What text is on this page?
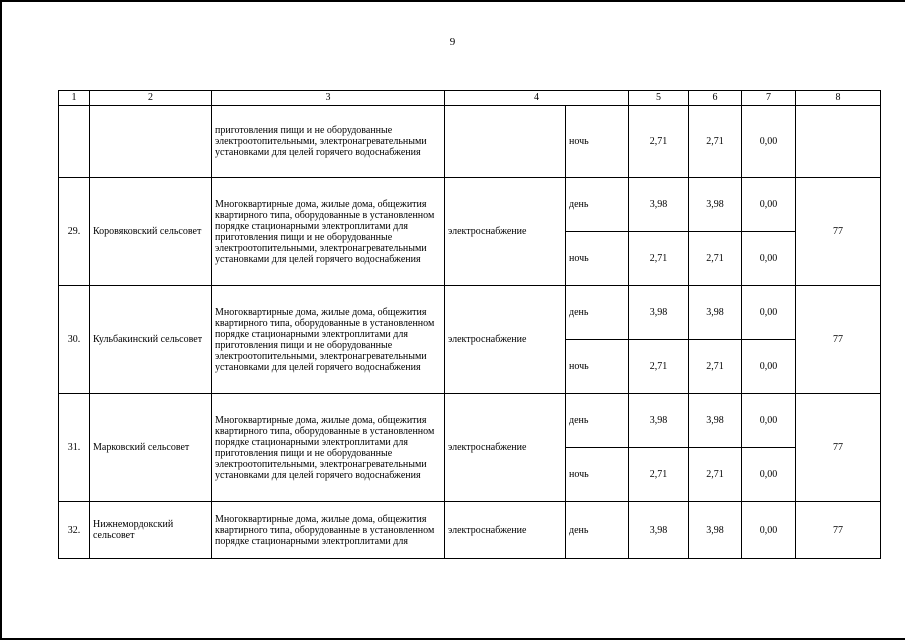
9
1	2	3	4		5	6	7	8
		приготовления пищи и не оборудованные электроотопительными, электронагревательными установками для целей горячего водоснабжения		ночь	2,71	2,71	0,00	
29.	Коровяковский сельсовет	Многоквартирные дома, жилые дома, общежития квартирного типа, оборудованные в установленном порядке стационарными электроплитами для приготовления пищи и не оборудованные электроотопительными, электронагревательными установками для целей горячего водоснабжения	электроснабжение	день	3,98	3,98	0,00	77
				ночь	2,71	2,71	0,00	
30.	Кульбакинский сельсовет	Многоквартирные дома, жилые дома, общежития квартирного типа, оборудованные в установленном порядке стационарными электроплитами для приготовления пищи и не оборудованные электроотопительными, электронагревательными установками для целей горячего водоснабжения	электроснабжение	день	3,98	3,98	0,00	77
				ночь	2,71	2,71	0,00	
31.	Марковский сельсовет	Многоквартирные дома, жилые дома, общежития квартирного типа, оборудованные в установленном порядке стационарными электроплитами для приготовления пищи и не оборудованные электроотопительными, электронагревательными установками для целей горячего водоснабжения	электроснабжение	день	3,98	3,98	0,00	77
				ночь	2,71	2,71	0,00	
32.	Нижнемордокский сельсовет	Многоквартирные дома, жилые дома, общежития квартирного типа, оборудованные в установленном порядке стационарными электроплитами для	электроснабжение	день	3,98	3,98	0,00	77
